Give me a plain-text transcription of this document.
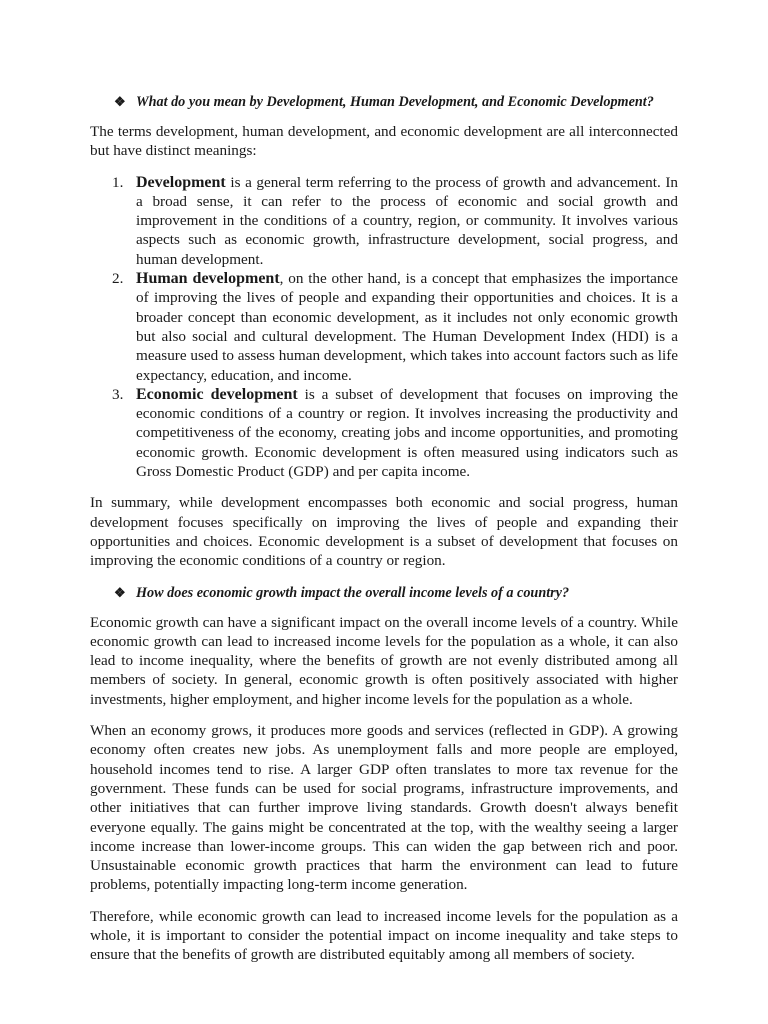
❖ What do you mean by Development, Human Development, and Economic Development?

The terms development, human development, and economic development are all interconnected but have distinct meanings:

1. Development is a general term referring to the process of growth and advancement. In a broad sense, it can refer to the process of economic and social growth and improvement in the conditions of a country, region, or community. It involves various aspects such as economic growth, infrastructure development, social progress, and human development.
2. Human development, on the other hand, is a concept that emphasizes the importance of improving the lives of people and expanding their opportunities and choices. It is a broader concept than economic development, as it includes not only economic growth but also social and cultural development. The Human Development Index (HDI) is a measure used to assess human development, which takes into account factors such as life expectancy, education, and income.
3. Economic development is a subset of development that focuses on improving the economic conditions of a country or region. It involves increasing the productivity and competitiveness of the economy, creating jobs and income opportunities, and promoting economic growth. Economic development is often measured using indicators such as Gross Domestic Product (GDP) and per capita income.

In summary, while development encompasses both economic and social progress, human development focuses specifically on improving the lives of people and expanding their opportunities and choices. Economic development is a subset of development that focuses on improving the economic conditions of a country or region.

❖ How does economic growth impact the overall income levels of a country?

Economic growth can have a significant impact on the overall income levels of a country. While economic growth can lead to increased income levels for the population as a whole, it can also lead to income inequality, where the benefits of growth are not evenly distributed among all members of society. In general, economic growth is often positively associated with higher investments, higher employment, and higher income levels for the population as a whole.

When an economy grows, it produces more goods and services (reflected in GDP). A growing economy often creates new jobs. As unemployment falls and more people are employed, household incomes tend to rise. A larger GDP often translates to more tax revenue for the government. These funds can be used for social programs, infrastructure improvements, and other initiatives that can further improve living standards. Growth doesn't always benefit everyone equally. The gains might be concentrated at the top, with the wealthy seeing a larger income increase than lower-income groups. This can widen the gap between rich and poor. Unsustainable economic growth practices that harm the environment can lead to future problems, potentially impacting long-term income generation.

Therefore, while economic growth can lead to increased income levels for the population as a whole, it is important to consider the potential impact on income inequality and take steps to ensure that the benefits of growth are distributed equitably among all members of society.
